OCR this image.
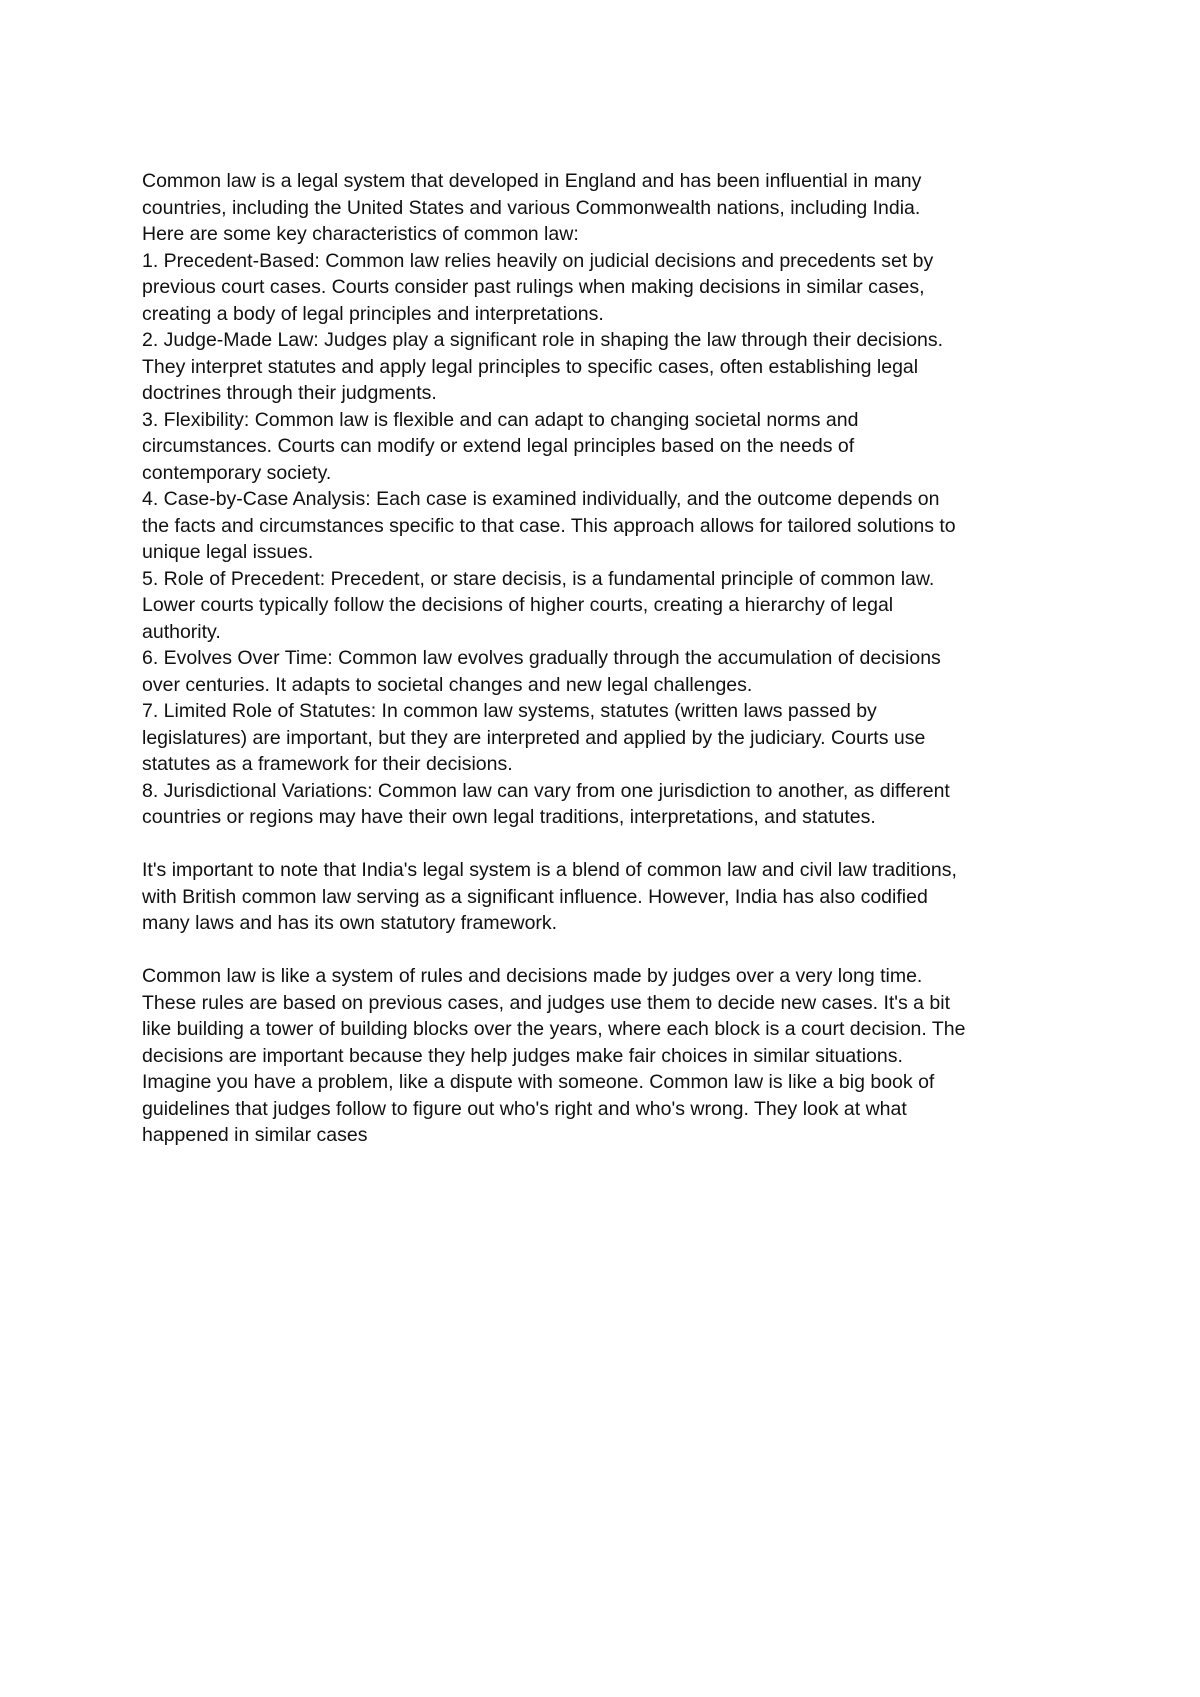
Common law is a legal system that developed in England and has been influential in many
countries, including the United States and various Commonwealth nations, including India.
Here are some key characteristics of common law:

1. Precedent-Based: Common law relies heavily on judicial decisions and precedents set by
previous court cases. Courts consider past rulings when making decisions in similar cases,
creating a body of legal principles and interpretations.

2. Judge-Made Law: Judges play a significant role in shaping the law through their decisions.
They interpret statutes and apply legal principles to specific cases, often establishing legal
doctrines through their judgments.

3. Flexibility: Common law is flexible and can adapt to changing societal norms and
circumstances. Courts can modify or extend legal principles based on the needs of
contemporary society.

4. Case-by-Case Analysis: Each case is examined individually, and the outcome depends on
the facts and circumstances specific to that case. This approach allows for tailored solutions to
unique legal issues.

5. Role of Precedent: Precedent, or stare decisis, is a fundamental principle of common law.
Lower courts typically follow the decisions of higher courts, creating a hierarchy of legal
authority.

6. Evolves Over Time: Common law evolves gradually through the accumulation of decisions
over centuries. It adapts to societal changes and new legal challenges.

7. Limited Role of Statutes: In common law systems, statutes (written laws passed by
legislatures) are important, but they are interpreted and applied by the judiciary. Courts use
statutes as a framework for their decisions.

8. Jurisdictional Variations: Common law can vary from one jurisdiction to another, as different
countries or regions may have their own legal traditions, interpretations, and statutes.

It's important to note that India's legal system is a blend of common law and civil law traditions,
with British common law serving as a significant influence. However, India has also codified
many laws and has its own statutory framework.

Common law is like a system of rules and decisions made by judges over a very long time.
These rules are based on previous cases, and judges use them to decide new cases. It's a bit
like building a tower of building blocks over the years, where each block is a court decision. The
decisions are important because they help judges make fair choices in similar situations.
Imagine you have a problem, like a dispute with someone. Common law is like a big book of
guidelines that judges follow to figure out who's right and who's wrong. They look at what
happened in similar cases
